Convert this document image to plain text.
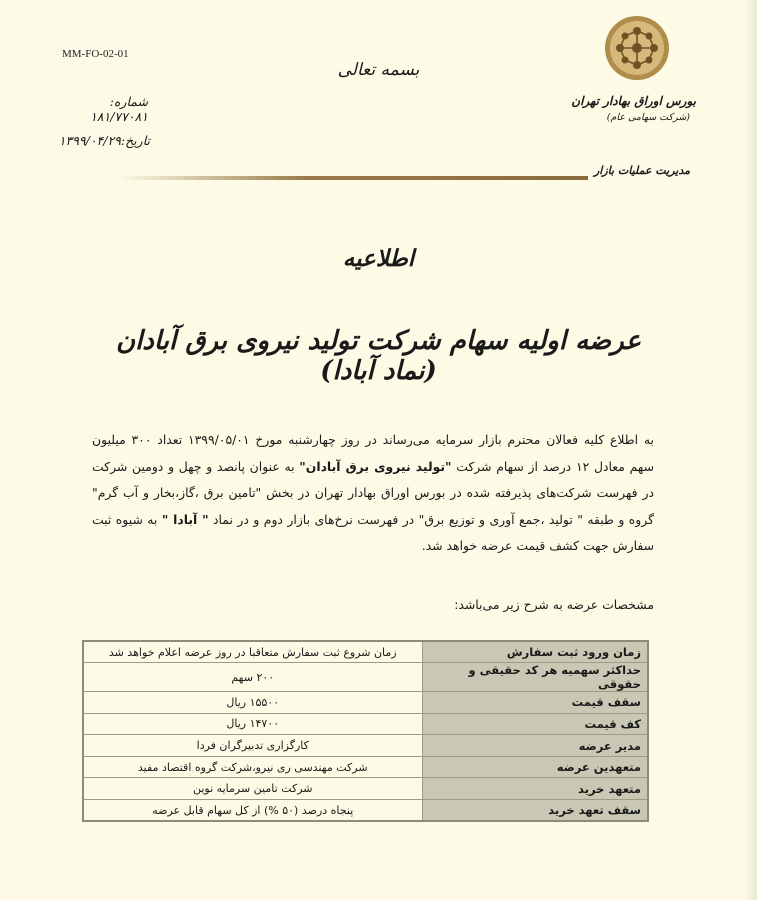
MM-FO-02-01
بسمه تعالی
شماره: ۱۸۱/۷۷۰۸۱
تاریخ:۱۳۹۹/۰۴/۲۹
بورس اوراق بهادار تهران
(شرکت سهامی عام)
مدیریت عملیات بازار
اطلاعیه
عرضه اولیه سهام شرکت تولید نیروی برق آبادان (نماد آبادا)
به اطلاع کلیه فعالان محترم بازار سرمایه می‌رساند در روز چهارشنبه مورخ ۱۳۹۹/۰۵/۰۱ تعداد ۳۰۰ میلیون سهم معادل ۱۲ درصد از سهام شرکت "تولید نیروی برق آبادان" به عنوان پانصد و چهل و دومین شرکت در فهرست شرکت‌های پذیرفته شده در بورس اوراق بهادار تهران در بخش "تامین برق ،گاز،بخار و آب گرم" گروه و طبقه " تولید ،جمع آوری و توزیع برق" در فهرست نرخ‌های بازار دوم و در نماد " آبادا " به شیوه ثبت سفارش جهت کشف قیمت عرضه خواهد شد.
مشخصات عرضه به شرح زیر می‌باشد:
زمان ورود ثبت سفارش	زمان شروع ثبت سفارش متعاقبا در روز عرضه اعلام خواهد شد
حداکثر سهمیه هر کد حقیقی و حقوقی	۲۰۰ سهم
سقف قیمت	۱۵۵۰۰ ریال
کف قیمت	۱۴۷۰۰ ریال
مدیر عرضه	کارگزاری تدبیرگران فردا
متعهدین عرضه	شرکت مهندسی ری نیرو،شرکت گروه اقتصاد مفید
متعهد خرید	شرکت تامین سرمایه نوین
سقف تعهد خرید	پنجاه درصد (۵۰ %) از کل سهام قابل عرضه
